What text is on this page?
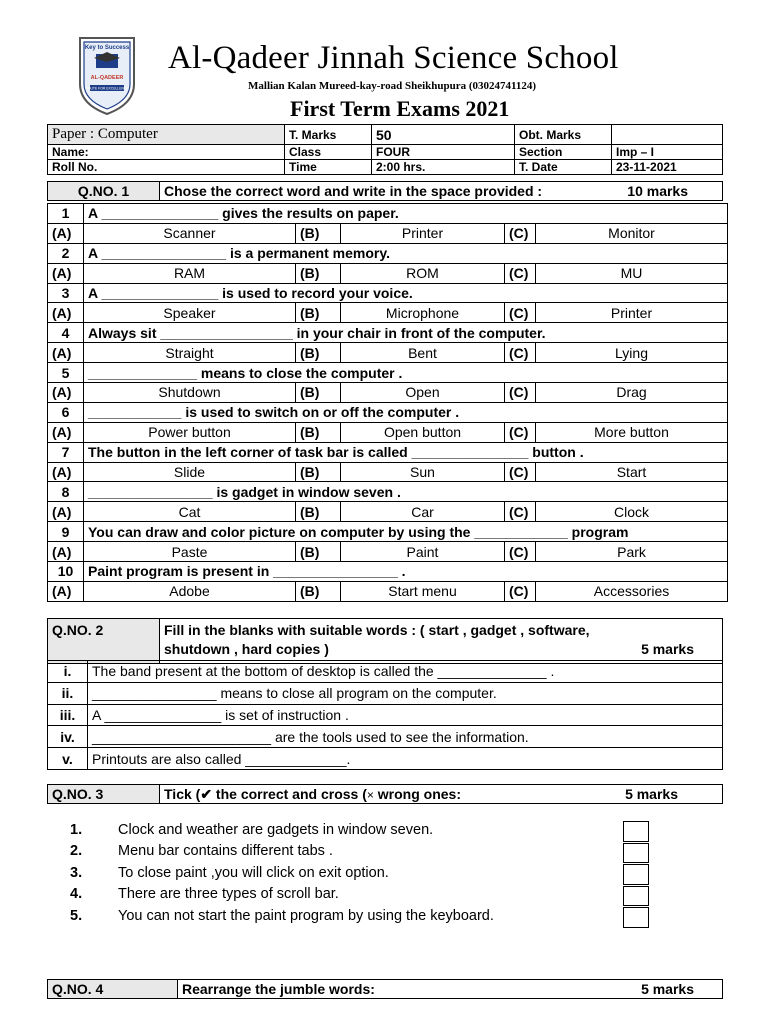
Key to Success
AL-QADEER
ROUTE FOR EXCELLENCE
Al-Qadeer Jinnah Science School
Mallian Kalan Mureed-kay-road Sheikhupura (03024741124)
First Term Exams 2021
Paper : Computer	T. Marks	50	Obt. Marks	
Name:	Class	FOUR	Section	Imp – I
Roll No.	Time	2:00 hrs.	T. Date	23-11-2021
Q.NO. 1	Chose the correct word and write in the space provided :	10 marks
1	A _______________ gives the results on paper.				
(A)	Scanner	(B)	Printer	(C)	Monitor
2	A ________________ is a permanent memory.				
(A)	RAM	(B)	ROM	(C)	MU
3	A _______________ is used to record your voice.				
(A)	Speaker	(B)	Microphone	(C)	Printer
4	Always sit _________________ in your chair in front of the computer.				
(A)	Straight	(B)	Bent	(C)	Lying
5	______________ means to close the computer .				
(A)	Shutdown	(B)	Open	(C)	Drag
6	____________ is used to switch on or off the computer .				
(A)	Power button	(B)	Open button	(C)	More button
7	The button in the left corner of task bar is called _______________ button .				
(A)	Slide	(B)	Sun	(C)	Start
8	________________ is gadget in window seven .				
(A)	Cat	(B)	Car	(C)	Clock
9	You can draw and color picture on computer by using the ____________ program				
(A)	Paste	(B)	Paint	(C)	Park
10	Paint program is present in ________________ .				
(A)	Adobe	(B)	Start menu	(C)	Accessories
Q.NO. 2	Fill in the blanks with suitable words : ( start , gadget , software,
shutdown , hard copies )	5 marks
i.	The band present at the bottom of desktop is called the ______________ .
ii.	________________ means to close all program on the computer.
iii.	A _______________ is set of instruction .
iv.	_______________________ are the tools used to see the information.
v.	Printouts are also called _____________.
Q.NO. 3	Tick (✔ the correct and cross (× wrong ones:	5 marks
1. Clock and weather are gadgets in window seven.
2. Menu bar contains different tabs .
3. To close paint ,you will click on exit option.
4. There are three types of scroll bar.
5. You can not start the paint program by using the keyboard.
Q.NO. 4	Rearrange the jumble words:	5 marks
